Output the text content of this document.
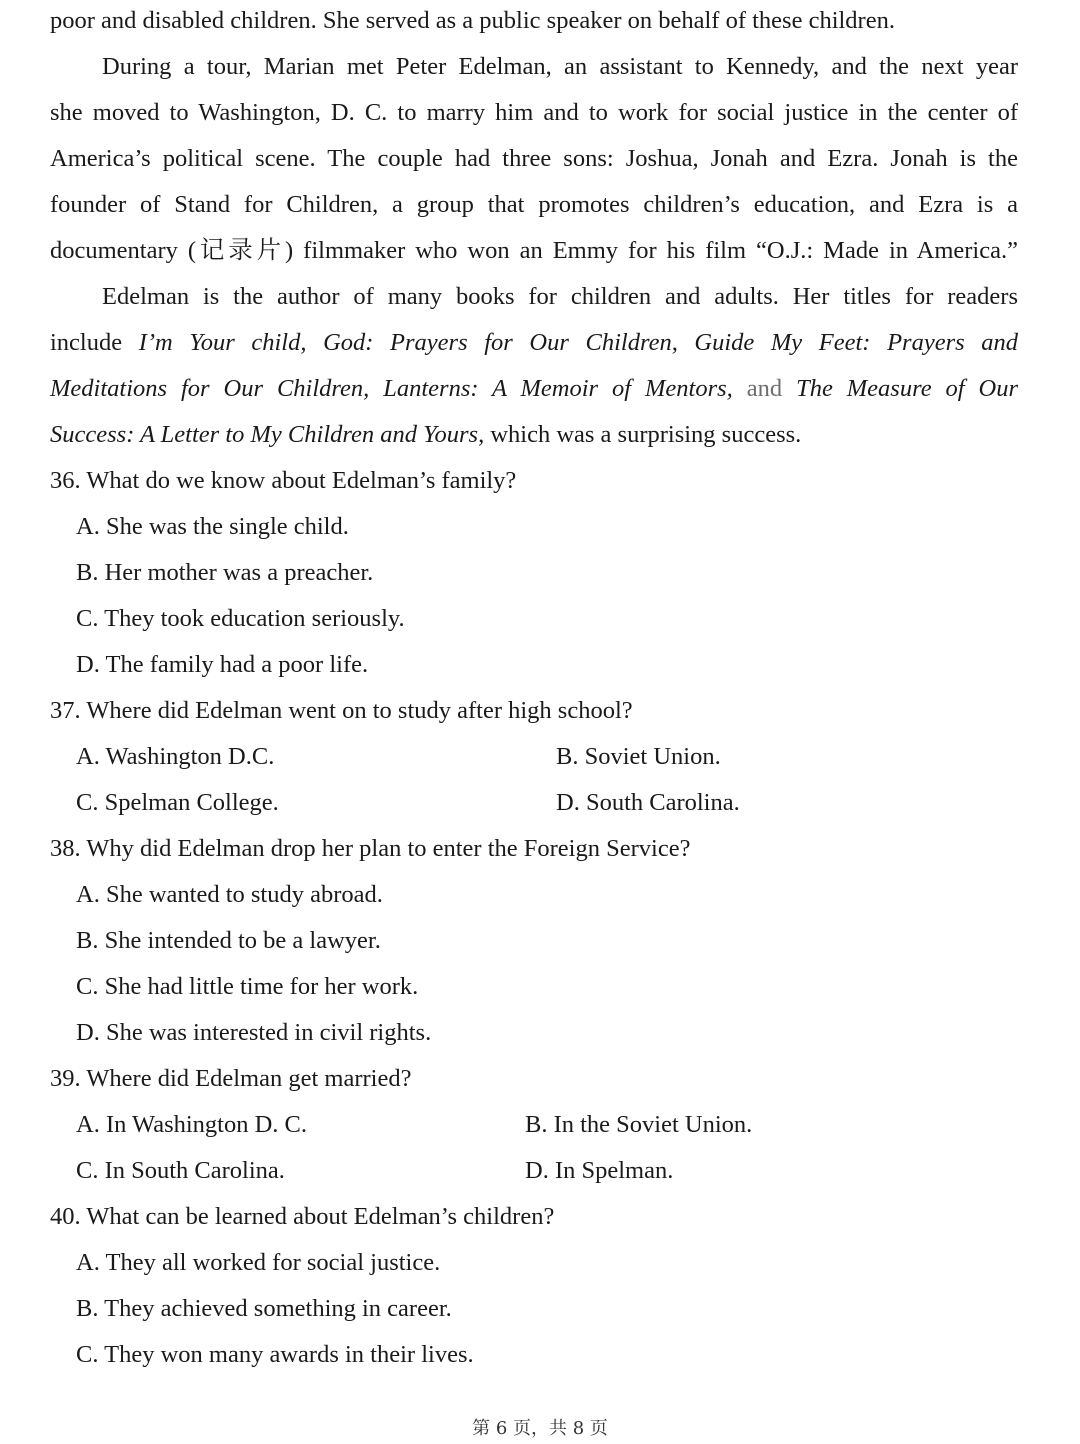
poor and disabled children. She served as a public speaker on behalf of these children.
During a tour, Marian met Peter Edelman, an assistant to Kennedy, and the next year
she moved to Washington, D. C. to marry him and to work for social justice in the center of
America’s political scene. The couple had three sons: Joshua, Jonah and Ezra. Jonah is the
founder of Stand for Children, a group that promotes children’s education, and Ezra is a
documentary (记录片) filmmaker who won an Emmy for his film “O.J.: Made in America.”
Edelman is the author of many books for children and adults. Her titles for readers
include I’m Your child, God: Prayers for Our Children, Guide My Feet: Prayers and
Meditations for Our Children, Lanterns: A Memoir of Mentors, and The Measure of Our
Success: A Letter to My Children and Yours, which was a surprising success.
36. What do we know about Edelman’s family?
A. She was the single child.
B. Her mother was a preacher.
C. They took education seriously.
D. The family had a poor life.
37. Where did Edelman went on to study after high school?
A. Washington D.C.	B. Soviet Union.
C. Spelman College.	D. South Carolina.
38. Why did Edelman drop her plan to enter the Foreign Service?
A. She wanted to study abroad.
B. She intended to be a lawyer.
C. She had little time for her work.
D. She was interested in civil rights.
39. Where did Edelman get married?
A. In Washington D. C.	B. In the Soviet Union.
C. In South Carolina.	D. In Spelman.
40. What can be learned about Edelman’s children?
A. They all worked for social justice.
B. They achieved something in career.
C. They won many awards in their lives.
第 6 页，共 8 页
